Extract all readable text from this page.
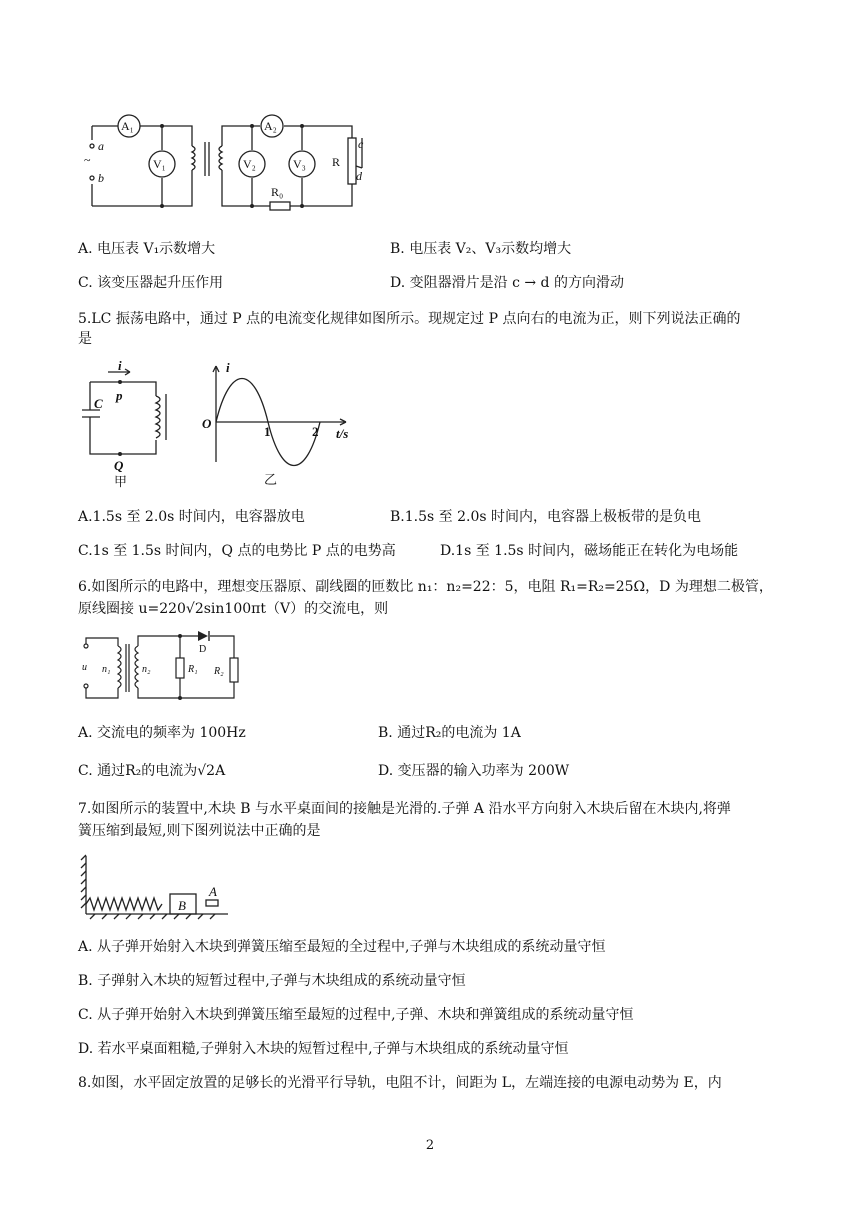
a
~
b
A₁
V₁
A₂
V₂	V₃
R₀
R
c
d
A. 电压表 V₁示数增大	B. 电压表 V₂、V₃示数均增大
C. 该变压器起升压作用	D. 变阻器滑片是沿 c → d 的方向滑动
5.LC 振荡电路中，通过 P 点的电流变化规律如图所示。现规定过 P 点向右的电流为正，则下列说法正确的
是
i
p
C
Q
甲
i
O
1	2 t/s
乙
A.1.5s 至 2.0s 时间内，电容器放电	B.1.5s 至 2.0s 时间内，电容器上极板带的是负电
C.1s 至 1.5s 时间内，Q 点的电势比 P 点的电势高	D.1s 至 1.5s 时间内，磁场能正在转化为电场能
6.如图所示的电路中，理想变压器原、副线圈的匝数比 n₁：n₂=22：5，电阻 R₁=R₂=25Ω，D 为理想二极管，
原线圈接 u=220√2sin100πt（V）的交流电，则
u n₁	n₂	R₁ R₂
D
A. 交流电的频率为 100Hz	B. 通过R₂的电流为 1A
C. 通过R₂的电流为√2A	D. 变压器的输入功率为 200W
7.如图所示的装置中,木块 B 与水平桌面间的接触是光滑的.子弹 A 沿水平方向射入木块后留在木块内,将弹
簧压缩到最短,则下图列说法中正确的是
B
A
A. 从子弹开始射入木块到弹簧压缩至最短的全过程中,子弹与木块组成的系统动量守恒
B. 子弹射入木块的短暂过程中,子弹与木块组成的系统动量守恒
C. 从子弹开始射入木块到弹簧压缩至最短的过程中,子弹、木块和弹簧组成的系统动量守恒
D. 若水平桌面粗糙,子弹射入木块的短暂过程中,子弹与木块组成的系统动量守恒
8.如图，水平固定放置的足够长的光滑平行导轨，电阻不计，间距为 L，左端连接的电源电动势为 E，内
2
